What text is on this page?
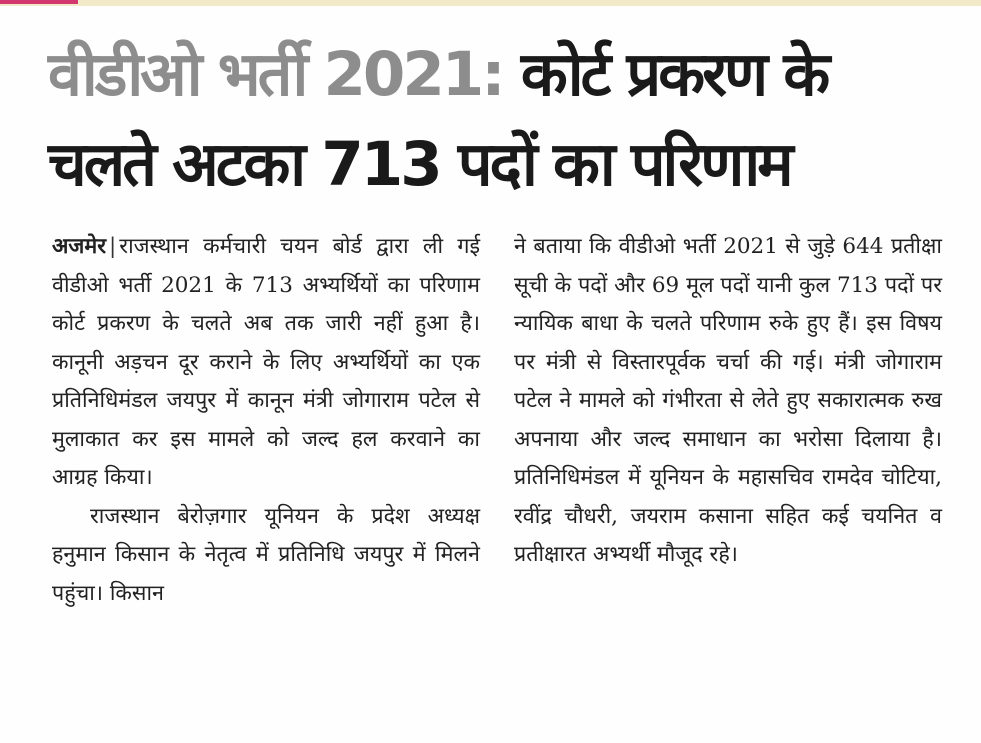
वीडीओ भर्ती 2021: कोर्ट प्रकरण के
चलते अटका 713 पदों का परिणाम

अजमेर | राजस्थान कर्मचारी चयन बोर्ड द्वारा ली गई वीडीओ भर्ती 2021 के 713 अभ्यर्थियों का परिणाम कोर्ट प्रकरण के चलते अब तक जारी नहीं हुआ है। कानूनी अड़चन दूर कराने के लिए अभ्यर्थियों का एक प्रतिनिधिमंडल जयपुर में कानून मंत्री जोगाराम पटेल से मुलाकात कर इस मामले को जल्द हल करवाने का आग्रह किया।

राजस्थान बेरोज़गार यूनियन के प्रदेश अध्यक्ष हनुमान किसान के नेतृत्व में प्रतिनिधि जयपुर में मिलने पहुंचा। किसान

ने बताया कि वीडीओ भर्ती 2021 से जुड़े 644 प्रतीक्षा सूची के पदों और 69 मूल पदों यानी कुल 713 पदों पर न्यायिक बाधा के चलते परिणाम रुके हुए हैं। इस विषय पर मंत्री से विस्तारपूर्वक चर्चा की गई। मंत्री जोगाराम पटेल ने मामले को गंभीरता से लेते हुए सकारात्मक रुख अपनाया और जल्द समाधान का भरोसा दिलाया है। प्रतिनिधिमंडल में यूनियन के महासचिव रामदेव चोटिया, रवींद्र चौधरी, जयराम कसाना सहित कई चयनित व प्रतीक्षारत अभ्यर्थी मौजूद रहे।
